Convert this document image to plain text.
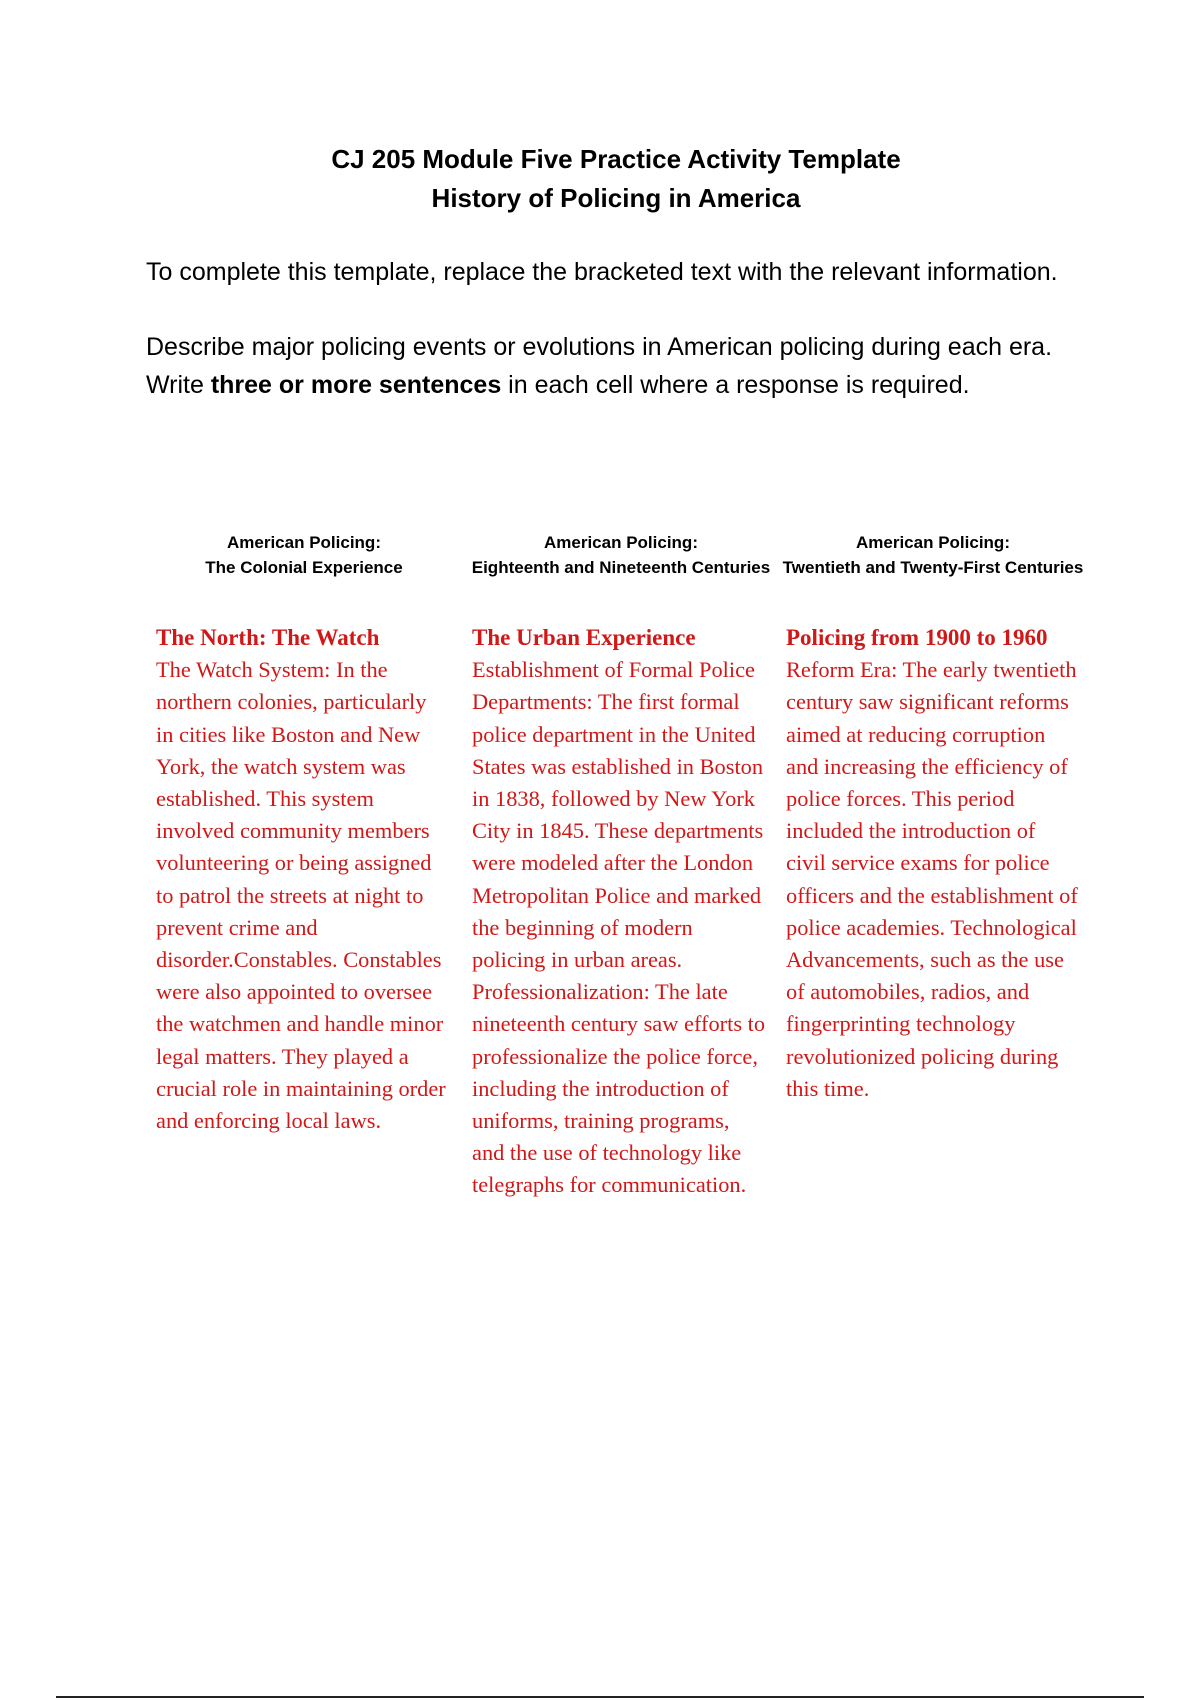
CJ 205 Module Five Practice Activity Template
History of Policing in America

To complete this template, replace the bracketed text with the relevant information.

Describe major policing events or evolutions in American policing during each era. Write three or more sentences in each cell where a response is required.

American Policing:
The Colonial Experience
American Policing:
Eighteenth and Nineteenth Centuries
American Policing:
Twentieth and Twenty-First Centuries
The North: The Watch
The Watch System: In the northern colonies, particularly in cities like Boston and New York, the watch system was established. This system involved community members volunteering or being assigned to patrol the streets at night to prevent crime and disorder.Constables. Constables were also appointed to oversee the watchmen and handle minor legal matters. They played a crucial role in maintaining order and enforcing local laws.
The Urban Experience
Establishment of Formal Police Departments: The first formal police department in the United States was established in Boston in 1838, followed by New York City in 1845. These departments were modeled after the London Metropolitan Police and marked the beginning of modern policing in urban areas. Professionalization: The late nineteenth century saw efforts to professionalize the police force, including the introduction of uniforms, training programs, and the use of technology like telegraphs for communication.
Policing from 1900 to 1960
Reform Era: The early twentieth century saw significant reforms aimed at reducing corruption and increasing the efficiency of police forces. This period included the introduction of civil service exams for police officers and the establishment of police academies. Technological Advancements, such as the use of automobiles, radios, and fingerprinting technology revolutionized policing during this time.
